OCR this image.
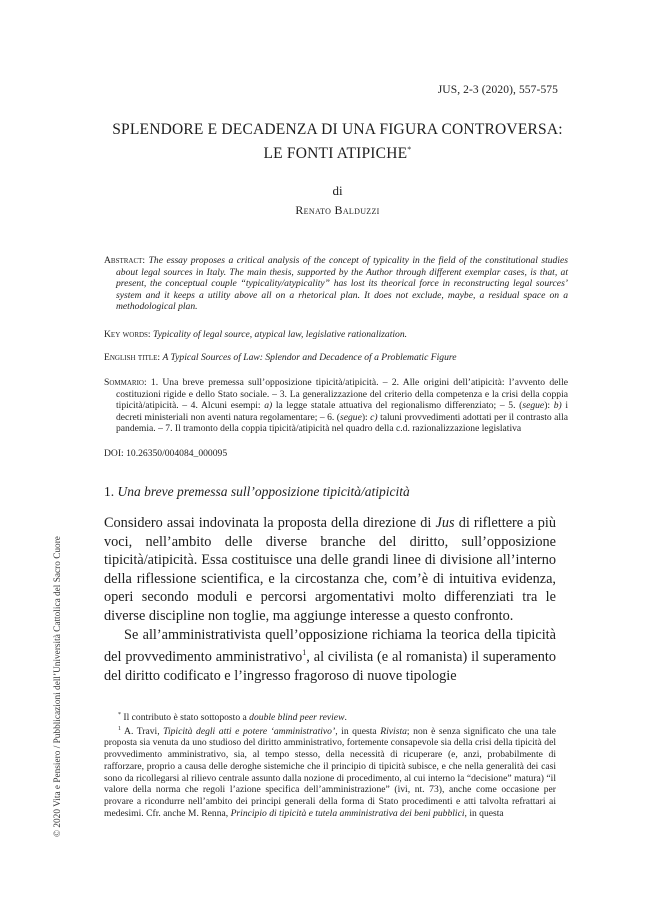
JUS, 2-3 (2020), 557-575
SPLENDORE E DECADENZA DI UNA FIGURA CONTROVERSA:
LE FONTI ATIPICHE*
di
Renato Balduzzi
Abstract: The essay proposes a critical analysis of the concept of typicality in the field of the constitutional studies about legal sources in Italy. The main thesis, supported by the Author through different exemplar cases, is that, at present, the conceptual couple “typicality/atypicality” has lost its theorical force in reconstructing legal sources’ system and it keeps a utility above all on a rhetorical plan. It does not exclude, maybe, a residual space on a methodological plan.
Key words: Typicality of legal source, atypical law, legislative rationalization.
English title: A Typical Sources of Law: Splendor and Decadence of a Problematic Figure
Sommario: 1. Una breve premessa sull’opposizione tipicità/atipicità. – 2. Alle origini dell’atipicità: l’avvento delle costituzioni rigide e dello Stato sociale. – 3. La generalizzazione del criterio della competenza e la crisi della coppia tipicità/atipicità. – 4. Alcuni esempi: a) la legge statale attuativa del regionalismo differenziato; – 5. (segue): b) i decreti ministeriali non aventi natura regolamentare; – 6. (segue): c) taluni provvedimenti adottati per il contrasto alla pandemia. – 7. Il tramonto della coppia tipicità/atipicità nel quadro della c.d. razionalizzazione legislativa
DOI: 10.26350/004084_000095
1. Una breve premessa sull’opposizione tipicità/atipicità

Considero assai indovinata la proposta della direzione di Jus di riflettere a più voci, nell’ambito delle diverse branche del diritto, sull’opposizione tipicità/atipicità. Essa costituisce una delle grandi linee di divisione all’interno della riflessione scientifica, e la circostanza che, com’è di intuitiva evidenza, operi secondo moduli e percorsi argomentativi molto differenziati tra le diverse discipline non toglie, ma aggiunge interesse a questo confronto.

Se all’amministrativista quell’opposizione richiama la teorica della tipicità del provvedimento amministrativo$^1$, al civilista (e al romanista) il superamento del diritto codificato e l’ingresso fragoroso di nuove tipologie

* Il contributo è stato sottoposto a double blind peer review.

$^1$ A. Travi, Tipicità degli atti e potere ‘amministrativo’, in questa Rivista; non è senza significato che una tale proposta sia venuta da uno studioso del diritto amministrativo, fortemente consapevole sia della crisi della tipicità del provvedimento amministrativo, sia, al tempo stesso, della necessità di ricuperare (e, anzi, probabilmente di rafforzare, proprio a causa delle deroghe sistemiche che il principio di tipicità subisce, e che nella generalità dei casi sono da ricollegarsi al rilievo centrale assunto dalla nozione di procedimento, al cui interno la “decisione” matura) “il valore della norma che regoli l’azione specifica dell’amministrazione” (ivi, nt. 73), anche come occasione per provare a ricondurre nell’ambito dei principi generali della forma di Stato procedimenti e atti talvolta refrattari ai medesimi. Cfr. anche M. Renna, Principio di tipicità e tutela amministrativa dei beni pubblici, in questa

© 2020 Vita e Pensiero / Pubblicazioni dell’Università Cattolica del Sacro Cuore
